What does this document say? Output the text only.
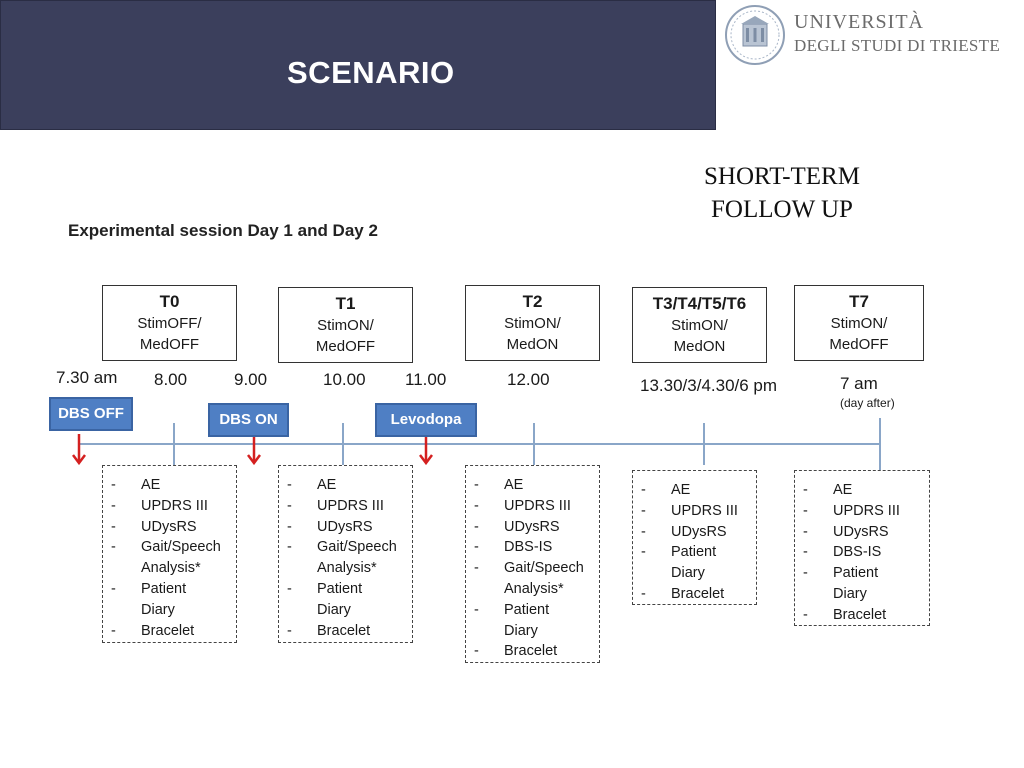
SCENARIO
UNIVERSITÀ
DEGLI STUDI DI TRIESTE
SHORT-TERM
FOLLOW UP
Experimental session Day 1 and Day 2
T0
StimOFF/
MedOFF
T1
StimON/
MedOFF
T2
StimON/
MedON
T3/T4/T5/T6
StimON/
MedON
T7
StimON/
MedOFF
7.30 am 8.00	9.00	10.00 11.00	12.00	13.30/3/4.30/6 pm	7 am
(day after)
DBS OFF	DBS ON	Levodopa
-	AE
-	UPDRS III
-	UDysRS
-	Gait/Speech
Analysis*
-	Patient
Diary
-	Bracelet
-	AE
-	UPDRS III
-	UDysRS
-	Gait/Speech
Analysis*
-	Patient
Diary
-	Bracelet
-	AE
-	UPDRS III
-	UDysRS
-	DBS-IS
-	Gait/Speech
Analysis*
-	Patient
Diary
-	Bracelet
-	AE
-	UPDRS III
-	UDysRS
-	Patient
Diary
-	Bracelet
-	AE
-	UPDRS III
-	UDysRS
-	DBS-IS
-	Patient
Diary
-	Bracelet
